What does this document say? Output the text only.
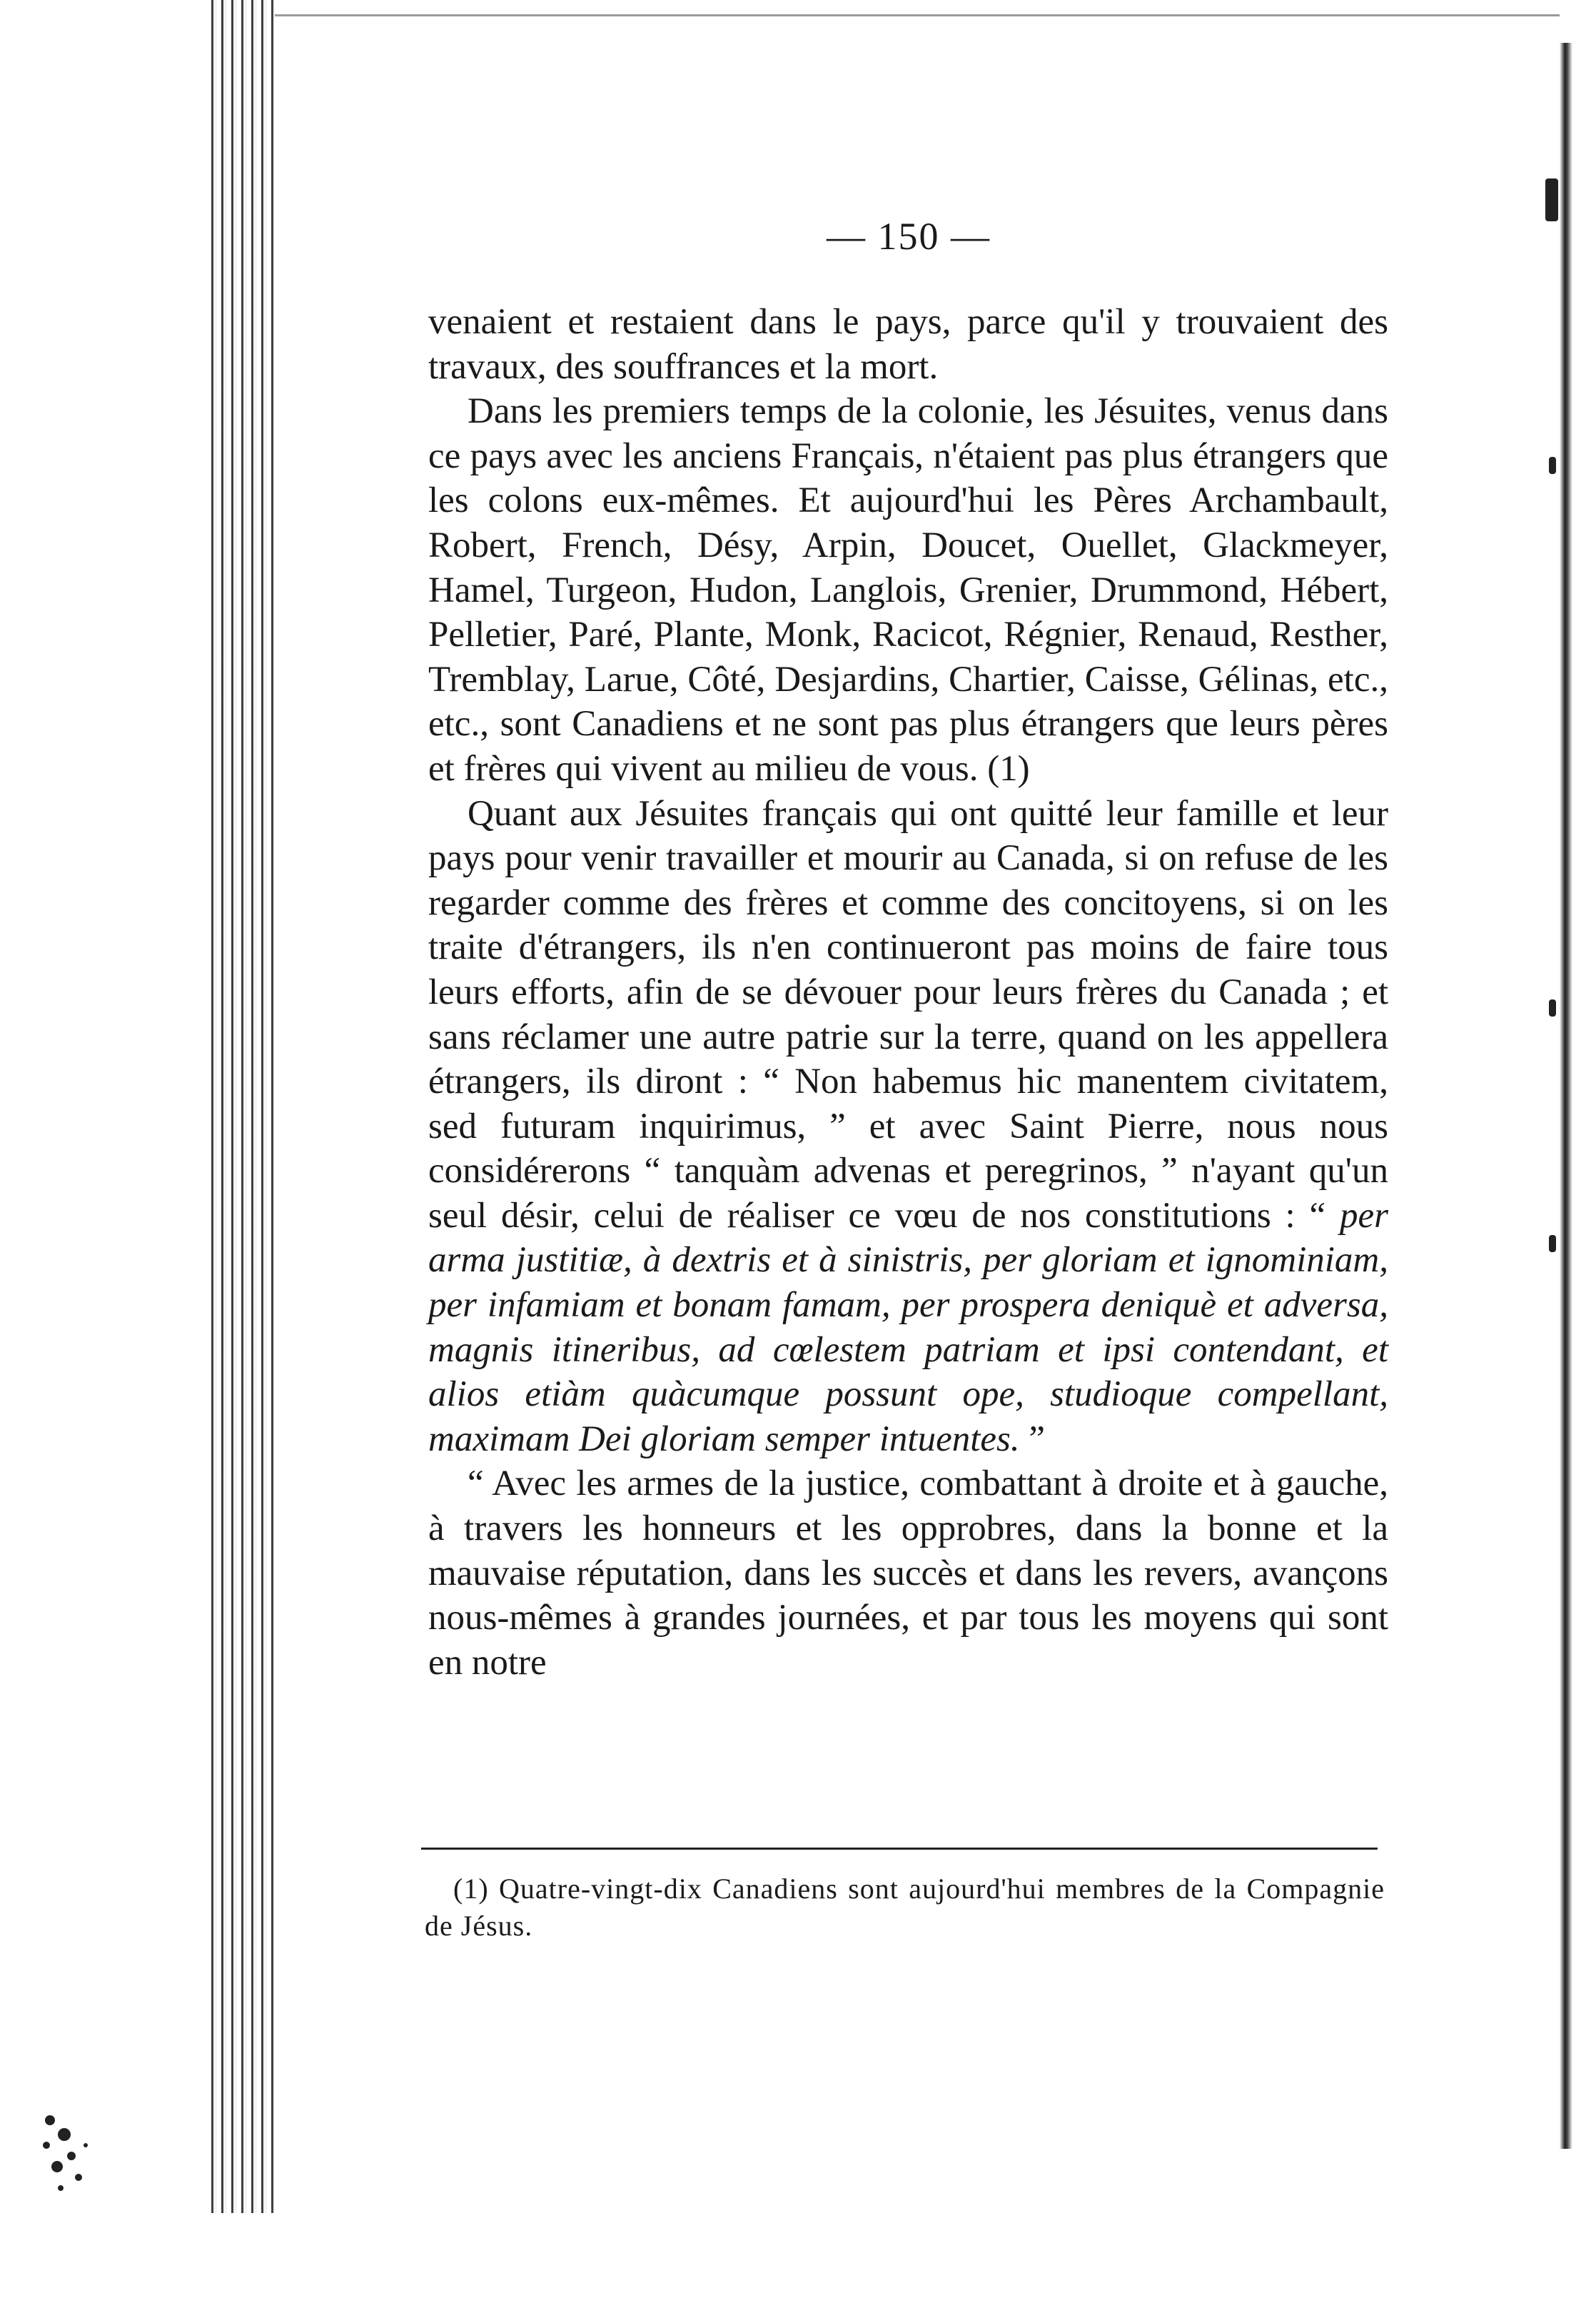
— 150 —

venaient et restaient dans le pays, parce qu'il y trouvaient des travaux, des souffrances et la mort.

Dans les premiers temps de la colonie, les Jésuites, venus dans ce pays avec les anciens Français, n'étaient pas plus étrangers que les colons eux-mêmes. Et aujourd'hui les Pères Archambault, Robert, French, Désy, Arpin, Doucet, Ouellet, Glackmeyer, Hamel, Turgeon, Hudon, Langlois, Grenier, Drummond, Hébert, Pelletier, Paré, Plante, Monk, Racicot, Régnier, Renaud, Resther, Tremblay, Larue, Côté, Desjardins, Chartier, Caisse, Gélinas, etc., etc., sont Canadiens et ne sont pas plus étrangers que leurs pères et frères qui vivent au milieu de vous. (1)

Quant aux Jésuites français qui ont quitté leur famille et leur pays pour venir travailler et mourir au Canada, si on refuse de les regarder comme des frères et comme des concitoyens, si on les traite d'étrangers, ils n'en continueront pas moins de faire tous leurs efforts, afin de se dévouer pour leurs frères du Canada ; et sans réclamer une autre patrie sur la terre, quand on les appellera étrangers, ils diront : “ Non habemus hic manentem civitatem, sed futuram inquirimus, ” et avec Saint Pierre, nous nous considérerons “ tanquàm advenas et peregrinos, ” n'ayant qu'un seul désir, celui de réaliser ce vœu de nos constitutions : “ per arma justitiæ, à dextris et à sinistris, per gloriam et ignominiam, per infamiam et bonam famam, per prospera deniquè et adversa, magnis itineribus, ad cœlestem patriam et ipsi contendant, et alios etiàm quàcumque possunt ope, studioque compellant, maximam Dei gloriam semper intuentes. ”

“ Avec les armes de la justice, combattant à droite et à gauche, à travers les honneurs et les opprobres, dans la bonne et la mauvaise réputation, dans les succès et dans les revers, avançons nous-mêmes à grandes journées, et par tous les moyens qui sont en notre

(1) Quatre-vingt-dix Canadiens sont aujourd'hui membres de la Compagnie de Jésus.
